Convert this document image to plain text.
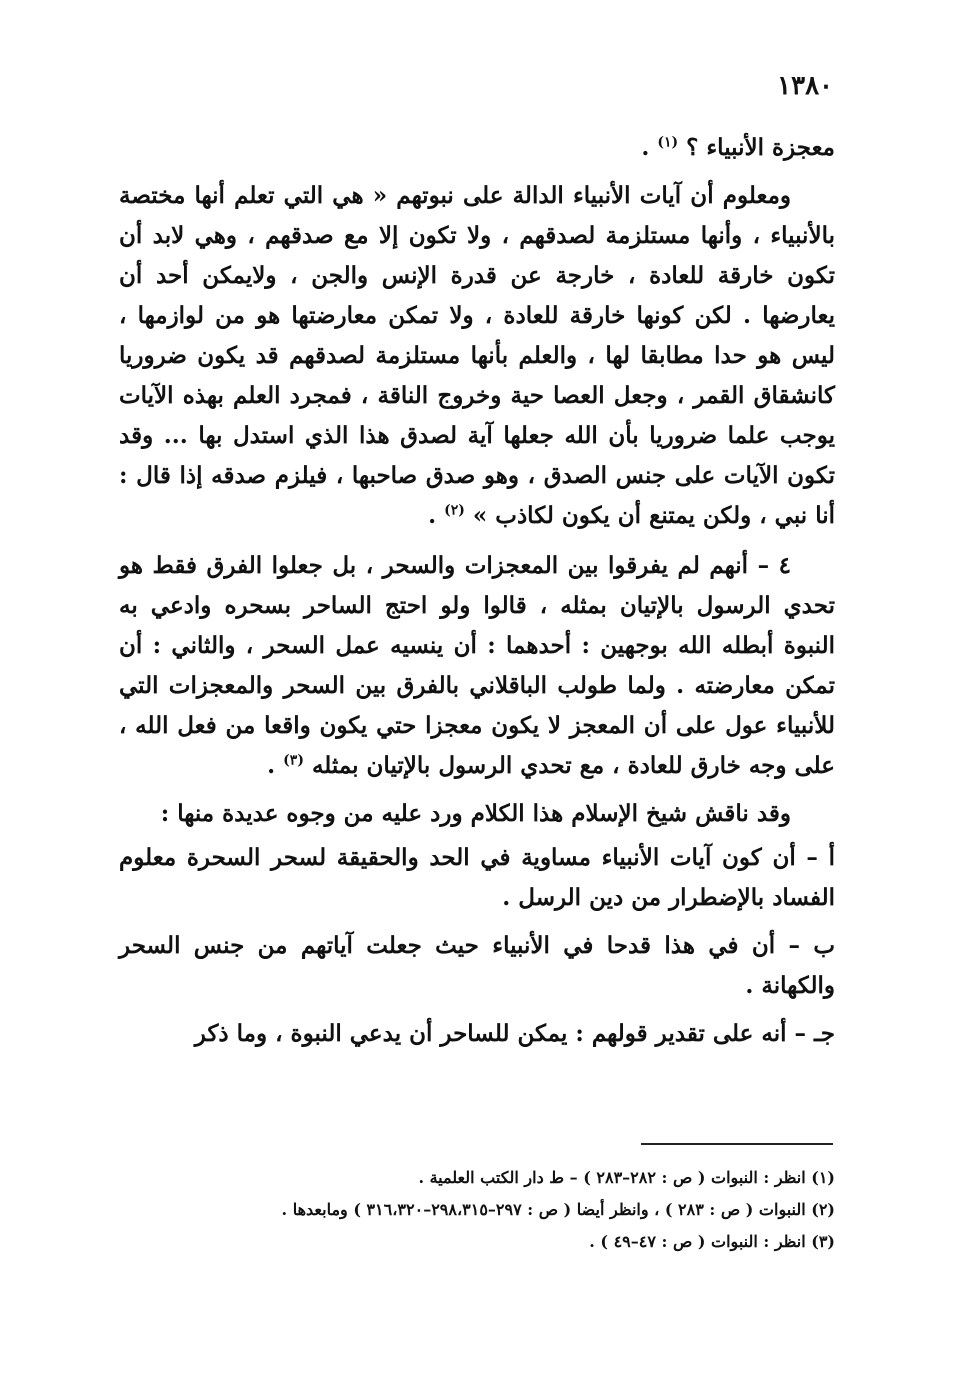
١٣٨٠

معجزة الأنبياء ؟ $^{(١)}$ .

ومعلوم أن آيات الأنبياء الدالة على نبوتهم « هي التي تعلم أنها مختصة بالأنبياء ، وأنها مستلزمة لصدقهم ، ولا تكون إلا مع صدقهم ، وهي لابد أن تكون خارقة للعادة ، خارجة عن قدرة الإنس والجن ، ولايمكن أحد أن يعارضها . لكن كونها خارقة للعادة ، ولا تمكن معارضتها هو من لوازمها ، ليس هو حدا مطابقا لها ، والعلم بأنها مستلزمة لصدقهم قد يكون ضروريا كانشقاق القمر ، وجعل العصا حية وخروج الناقة ، فمجرد العلم بهذه الآيات يوجب علما ضروريا بأن الله جعلها آية لصدق هذا الذي استدل بها ... وقد تكون الآيات على جنس الصدق ، وهو صدق صاحبها ، فيلزم صدقه إذا قال : أنا نبي ، ولكن يمتنع أن يكون لكاذب » $^{(٢)}$ .

٤ – أنهم لم يفرقوا بين المعجزات والسحر ، بل جعلوا الفرق فقط هو تحدي الرسول بالإتيان بمثله ، قالوا ولو احتج الساحر بسحره وادعي به النبوة أبطله الله بوجهين : أحدهما : أن ينسيه عمل السحر ، والثاني : أن تمكن معارضته . ولما طولب الباقلاني بالفرق بين السحر والمعجزات التي للأنبياء عول على أن المعجز لا يكون معجزا حتي يكون واقعا من فعل الله ، على وجه خارق للعادة ، مع تحدي الرسول بالإتيان بمثله $^{(٣)}$ .

وقد ناقش شيخ الإسلام هذا الكلام ورد عليه من وجوه عديدة منها :

أ – أن كون آيات الأنبياء مساوية في الحد والحقيقة لسحر السحرة معلوم الفساد بالإضطرار من دين الرسل .

ب – أن في هذا قدحا في الأنبياء حيث جعلت آياتهم من جنس السحر والكهانة .

جـ – أنه على تقدير قولهم : يمكن للساحر أن يدعي النبوة ، وما ذكر

(١) انظر : النبوات ( ص : ٢٨٢–٢٨٣ ) – ط دار الكتب العلمية .

(٢) النبوات ( ص : ٢٨٣ ) ، وانظر أيضا ( ص : ٢٩٧–٢٩٨،٣١٥–٣١٦،٣٢٠ ) ومابعدها .

(٣) انظر : النبوات ( ص : ٤٧–٤٩ ) .
